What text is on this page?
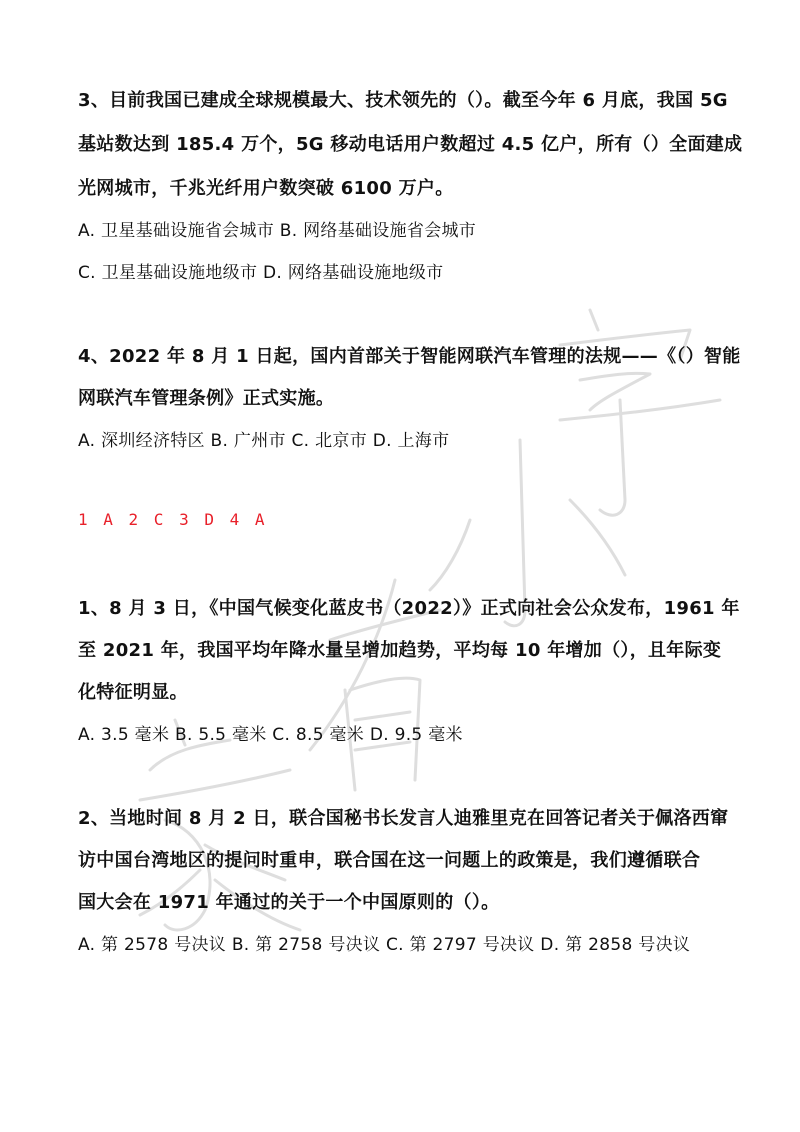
3、目前我国已建成全球规模最大、技术领先的（）。截至今年 6 月底，我国 5G
基站数达到 185.4 万个，5G 移动电话用户数超过 4.5 亿户，所有（）全面建成
光网城市，千兆光纤用户数突破 6100 万户。
A. 卫星基础设施省会城市 B. 网络基础设施省会城市
C. 卫星基础设施地级市 D. 网络基础设施地级市
4、2022 年 8 月 1 日起，国内首部关于智能网联汽车管理的法规——《（）智能
网联汽车管理条例》正式实施。
A. 深圳经济特区 B. 广州市 C. 北京市 D. 上海市
1 A 2 C 3 D 4 A
1、8 月 3 日，《中国气候变化蓝皮书（2022）》正式向社会公众发布，1961 年
至 2021 年，我国平均年降水量呈增加趋势，平均每 10 年增加（），且年际变
化特征明显。
A. 3.5 毫米 B. 5.5 毫米 C. 8.5 毫米 D. 9.5 毫米
2、当地时间 8 月 2 日，联合国秘书长发言人迪雅里克在回答记者关于佩洛西窜
访中国台湾地区的提问时重申，联合国在这一问题上的政策是，我们遵循联合
国大会在 1971 年通过的关于一个中国原则的（）。
A. 第 2578 号决议 B. 第 2758 号决议 C. 第 2797 号决议 D. 第 2858 号决议
